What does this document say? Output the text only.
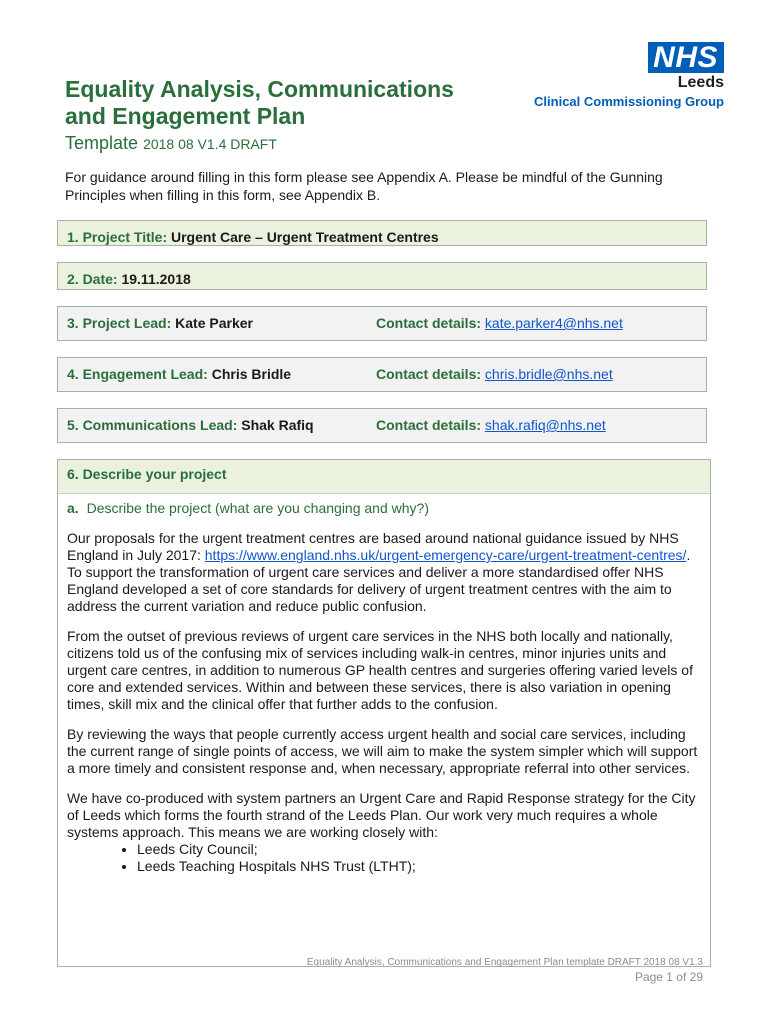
NHS
Leeds
Clinical Commissioning Group
Equality Analysis, Communications
and Engagement Plan
Template 2018 08 V1.4 DRAFT

For guidance around filling in this form please see Appendix A. Please be mindful of the Gunning Principles when filling in this form, see Appendix B.

1. Project Title: Urgent Care – Urgent Treatment Centres
2. Date: 19.11.2018
3. Project Lead: Kate Parker	Contact details: kate.parker4@nhs.net
4. Engagement Lead: Chris Bridle	Contact details: chris.bridle@nhs.net
5. Communications Lead: Shak Rafiq	Contact details: shak.rafiq@nhs.net
6. Describe your project
a. Describe the project (what are you changing and why?)

Our proposals for the urgent treatment centres are based around national guidance issued by NHS England in July 2017: https://www.england.nhs.uk/urgent-emergency-care/urgent-treatment-centres/. To support the transformation of urgent care services and deliver a more standardised offer NHS England developed a set of core standards for delivery of urgent treatment centres with the aim to address the current variation and reduce public confusion.

From the outset of previous reviews of urgent care services in the NHS both locally and nationally, citizens told us of the confusing mix of services including walk-in centres, minor injuries units and urgent care centres, in addition to numerous GP health centres and surgeries offering varied levels of core and extended services. Within and between these services, there is also variation in opening times, skill mix and the clinical offer that further adds to the confusion.

By reviewing the ways that people currently access urgent health and social care services, including the current range of single points of access, we will aim to make the system simpler which will support a more timely and consistent response and, when necessary, appropriate referral into other services.

We have co-produced with system partners an Urgent Care and Rapid Response strategy for the City of Leeds which forms the fourth strand of the Leeds Plan. Our work very much requires a whole systems approach. This means we are working closely with:

• Leeds City Council;
• Leeds Teaching Hospitals NHS Trust (LTHT);
Equality Analysis, Communications and Engagement Plan template DRAFT 2018 08 V1.3
Page 1 of 29
